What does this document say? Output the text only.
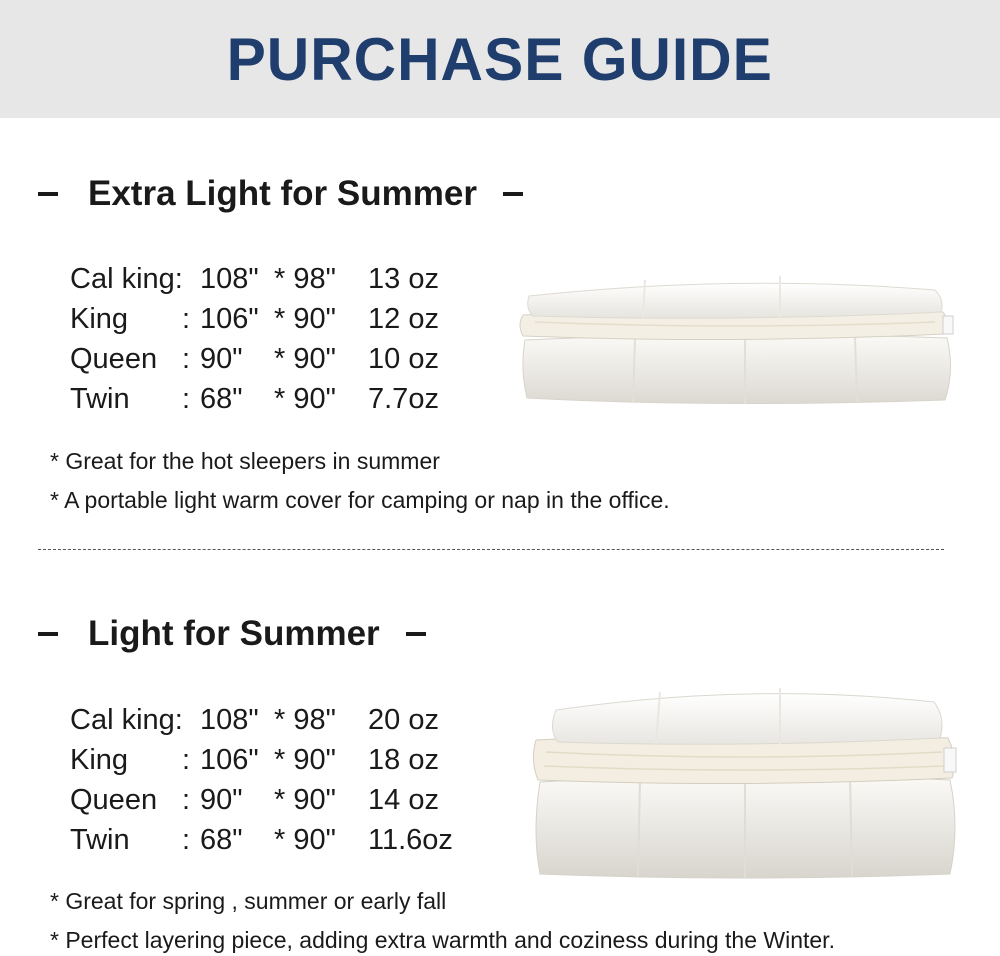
PURCHASE GUIDE
Extra Light for Summer
Cal king: 108" * 98"	13 oz
King	: 106" * 90"	12 oz
Queen : 90"	* 90"	10 oz
Twin	: 68"	* 90"	7.7oz
* Great for the hot sleepers in summer
* A portable light warm cover for camping or nap in the office.
Light for Summer
Cal king: 108" * 98"	20 oz
King	: 106" * 90"	18 oz
Queen : 90"	* 90"	14 oz
Twin	: 68"	* 90"	11.6oz
* Great for spring , summer or early fall
* Perfect layering piece, adding extra warmth and coziness during the Winter.
